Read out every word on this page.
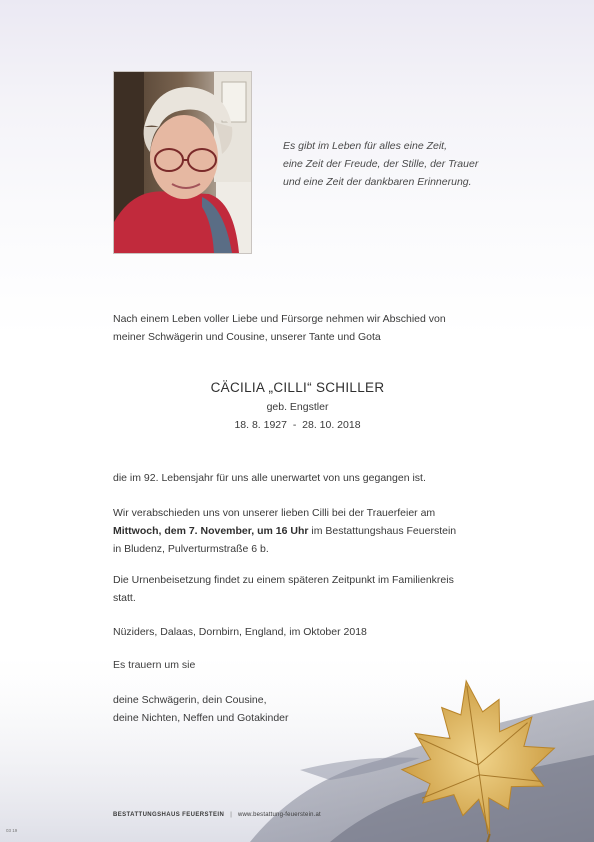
Es gibt im Leben für alles eine Zeit,
eine Zeit der Freude, der Stille, der Trauer
und eine Zeit der dankbaren Erinnerung.
Nach einem Leben voller Liebe und Fürsorge nehmen wir Abschied von
meiner Schwägerin und Cousine, unserer Tante und Gota
CÄCILIA „CILLI“ SCHILLER
geb. Engstler
18. 8. 1927  -  28. 10. 2018
die im 92. Lebensjahr für uns alle unerwartet von uns gegangen ist.
Wir verabschieden uns von unserer lieben Cilli bei der Trauerfeier am
Mittwoch, dem 7. November, um 16 Uhr im Bestattungshaus Feuerstein
in Bludenz, Pulverturmstraße 6 b.
Die Urnenbeisetzung findet zu einem späteren Zeitpunkt im Familienkreis
statt.
Nüziders, Dalaas, Dornbirn, England, im Oktober 2018
deine Schwägerin, dein Cousine,
deine Nichten, Neffen und Gotakinder
BESTATTUNGSHAUS FEUERSTEIN | www.bestattung-feuerstein.at
03 19
